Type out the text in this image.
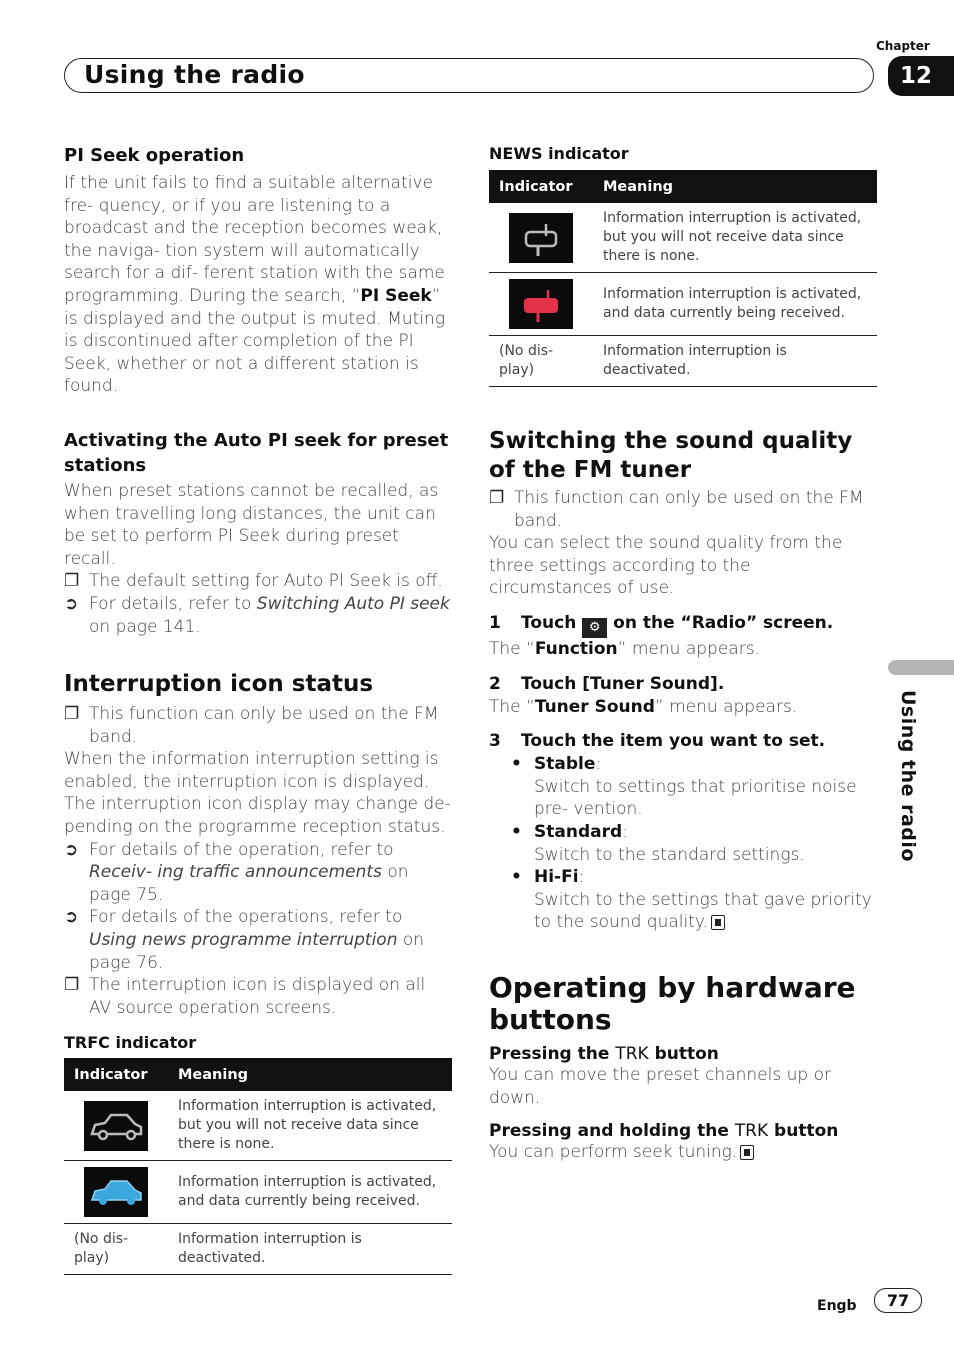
Using the radio
Chapter
12
Using the radio
PI Seek operation
If the unit fails to find a suitable alternative fre- quency, or if you are listening to a broadcast and the reception becomes weak, the naviga- tion system will automatically search for a dif- ferent station with the same programming. During the search, “PI Seek” is displayed and the output is muted. Muting is discontinued after completion of the PI Seek, whether or not a different station is found.
Activating the Auto PI seek for preset stations
When preset stations cannot be recalled, as when travelling long distances, the unit can be set to perform PI Seek during preset recall.
❐ The default setting for Auto PI Seek is off.
➲ For details, refer to Switching Auto PI seek on page 141.
Interruption icon status
❐ This function can only be used on the FM band.
When the information interruption setting is enabled, the interruption icon is displayed. The interruption icon display may change de- pending on the programme reception status.
➲ For details of the operation, refer to Receiv- ing traffic announcements on page 75.
➲ For details of the operations, refer to Using news programme interruption on page 76.
❐ The interruption icon is displayed on all AV source operation screens.
TRFC indicator
Indicator	Meaning

	Information interruption is activated, but you will not receive data since there is none.

	Information interruption is activated, and data currently being received.
(No dis- play)	Information interruption is deactivated.
NEWS indicator
Indicator	Meaning

	Information interruption is activated, but you will not receive data since there is none.

	Information interruption is activated, and data currently being received.
(No dis- play)	Information interruption is deactivated.
Switching the sound quality of the FM tuner
❐ This function can only be used on the FM band.
You can select the sound quality from the three settings according to the circumstances of use.
1 Touch ⚙ on the “Radio” screen.
The “Function” menu appears.
2 Touch [Tuner Sound].
The “Tuner Sound” menu appears.
3 Touch the item you want to set.
• Stable:
Switch to settings that prioritise noise pre- vention.
• Standard:
Switch to the standard settings.
• Hi-Fi:
Switch to the settings that gave priority to the sound quality.
Operating by hardware buttons
Pressing the TRK button
You can move the preset channels up or down.
Pressing and holding the TRK button
You can perform seek tuning.
Engb	77
